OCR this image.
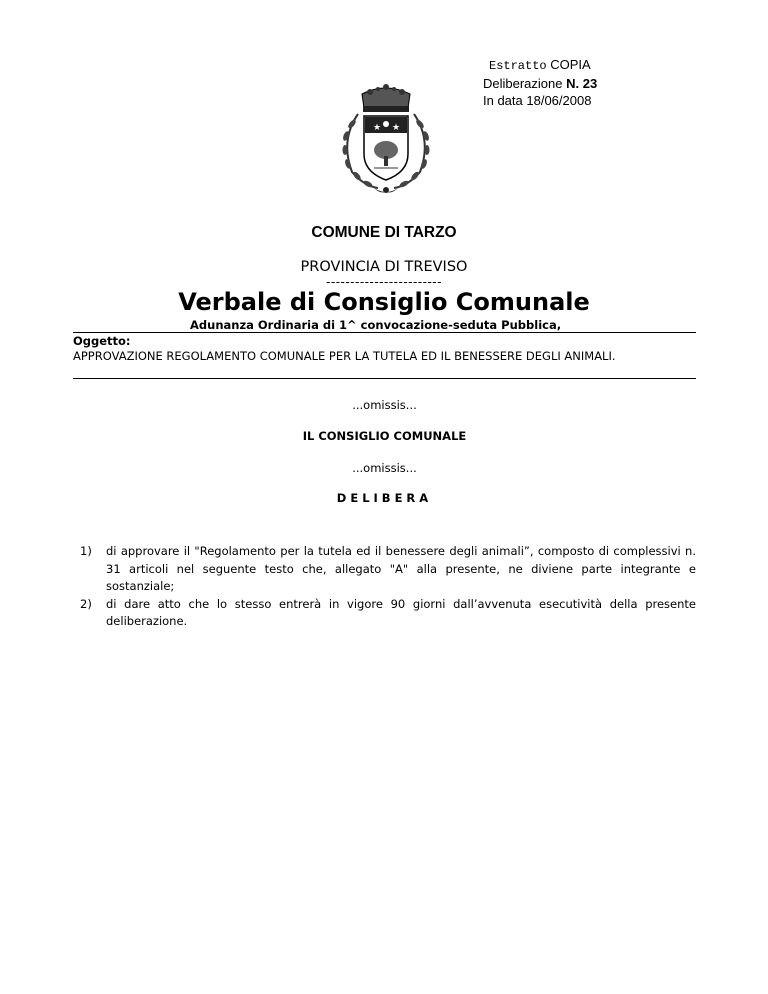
Estratto COPIA
Deliberazione N. 23
In data 18/06/2008
★ ★
COMUNE DI TARZO
PROVINCIA DI TREVISO
------------------------
Verbale di Consiglio Comunale
Adunanza Ordinaria di 1^ convocazione-seduta Pubblica,
Oggetto:
APPROVAZIONE REGOLAMENTO COMUNALE PER LA TUTELA ED IL BENESSERE DEGLI ANIMALI.
...omissis...
IL CONSIGLIO COMUNALE
...omissis...
DELIBERA
1) di approvare il "Regolamento per la tutela ed il benessere degli animali”, composto di complessivi n. 31 articoli nel seguente testo che, allegato "A" alla presente, ne diviene parte integrante e sostanziale;
2) di dare atto che lo stesso entrerà in vigore 90 giorni dall’avvenuta esecutività della presente deliberazione.
